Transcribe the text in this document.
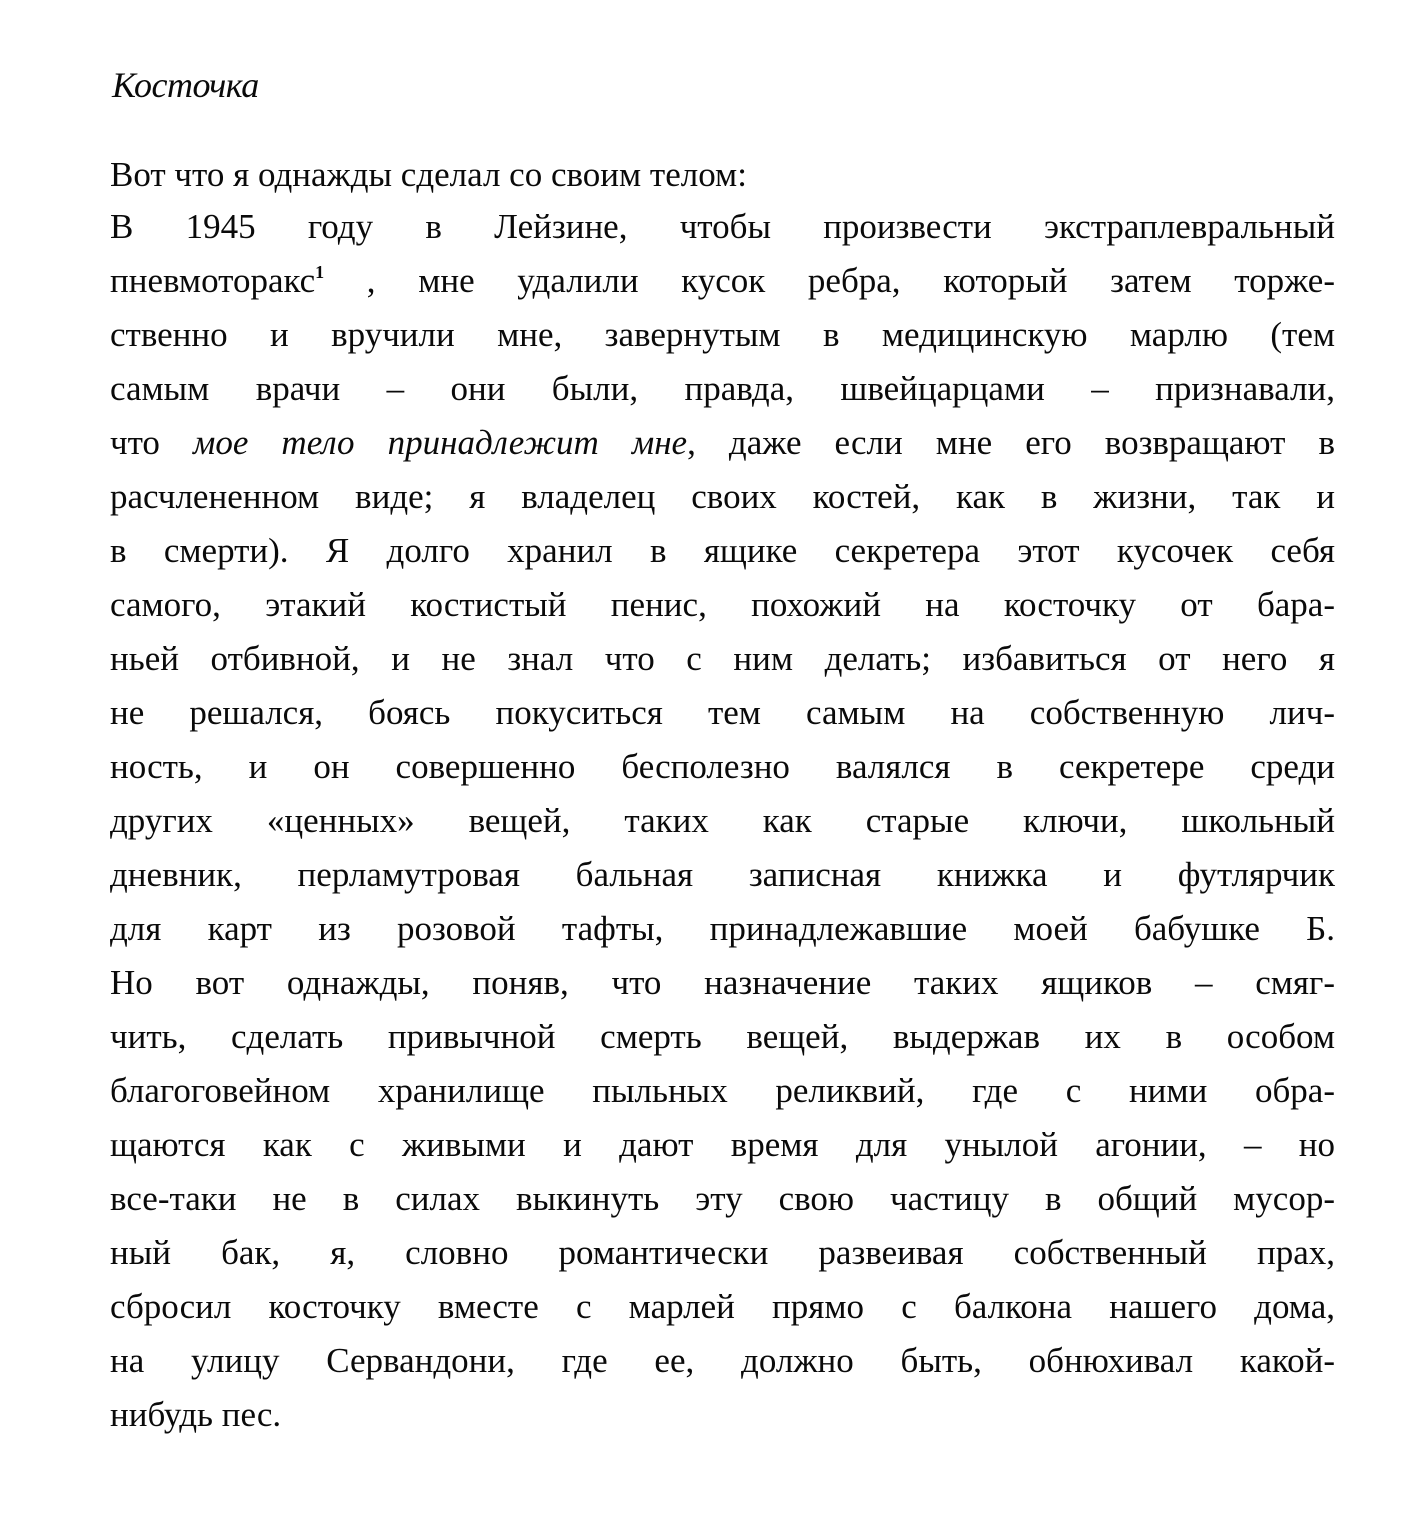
Косточка
Вот что я однажды сделал со своим телом:
В 1945 году в Лейзине, чтобы произвести экстраплевральный
пневмоторакс$^1$ , мне удалили кусок ребра, который затем торже-
ственно и вручили мне, завернутым в медицинскую марлю (тем
самым врачи – они были, правда, швейцарцами – признавали,
что мое тело принадлежит мне, даже если мне его возвращают в
расчлененном виде; я владелец своих костей, как в жизни, так и
в смерти). Я долго хранил в ящике секретера этот кусочек себя
самого, этакий костистый пенис, похожий на косточку от бара-
ньей отбивной, и не знал что с ним делать; избавиться от него я
не решался, боясь покуситься тем самым на собственную лич-
ность, и он совершенно бесполезно валялся в секретере среди
других «ценных» вещей, таких как старые ключи, школьный
дневник, перламутровая бальная записная книжка и футлярчик
для карт из розовой тафты, принадлежавшие моей бабушке Б.
Но вот однажды, поняв, что назначение таких ящиков – смяг-
чить, сделать привычной смерть вещей, выдержав их в особом
благоговейном хранилище пыльных реликвий, где с ними обра-
щаются как с живыми и дают время для унылой агонии, – но
все-таки не в силах выкинуть эту свою частицу в общий мусор-
ный бак, я, словно романтически развеивая собственный прах,
сбросил косточку вместе с марлей прямо с балкона нашего дома,
на улицу Сервандони, где ее, должно быть, обнюхивал какой-
нибудь пес.
